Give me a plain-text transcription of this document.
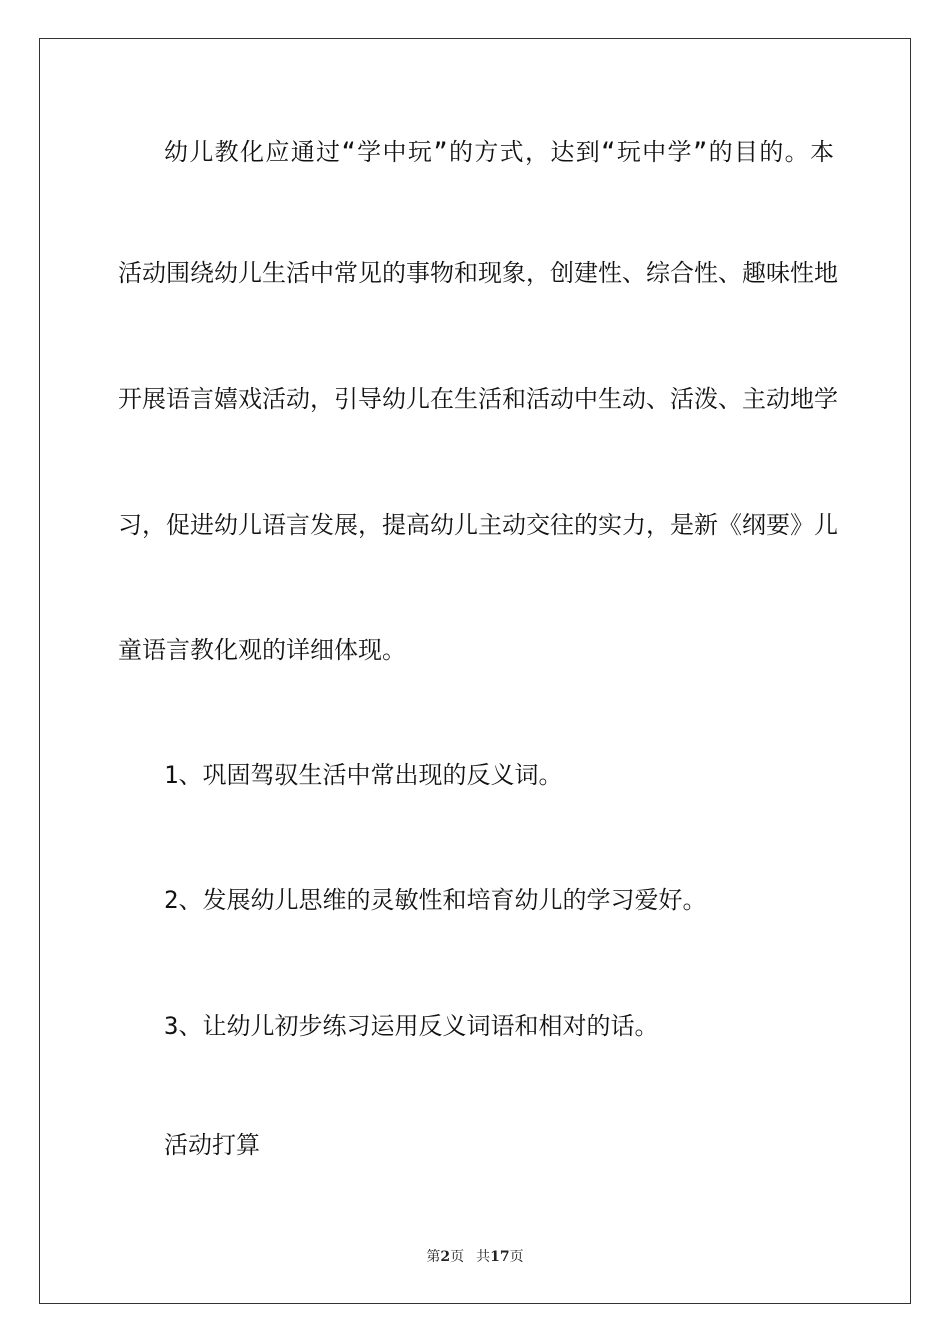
幼儿教化应通过“学中玩”的方式，达到“玩中学”的目的。本
活动围绕幼儿生活中常见的事物和现象，创建性、综合性、趣味性地
开展语言嬉戏活动，引导幼儿在生活和活动中生动、活泼、主动地学
习，促进幼儿语言发展，提高幼儿主动交往的实力，是新《纲要》儿
童语言教化观的详细体现。
1、巩固驾驭生活中常出现的反义词。
2、发展幼儿思维的灵敏性和培育幼儿的学习爱好。
3、让幼儿初步练习运用反义词语和相对的话。
活动打算
第2页 共17页
